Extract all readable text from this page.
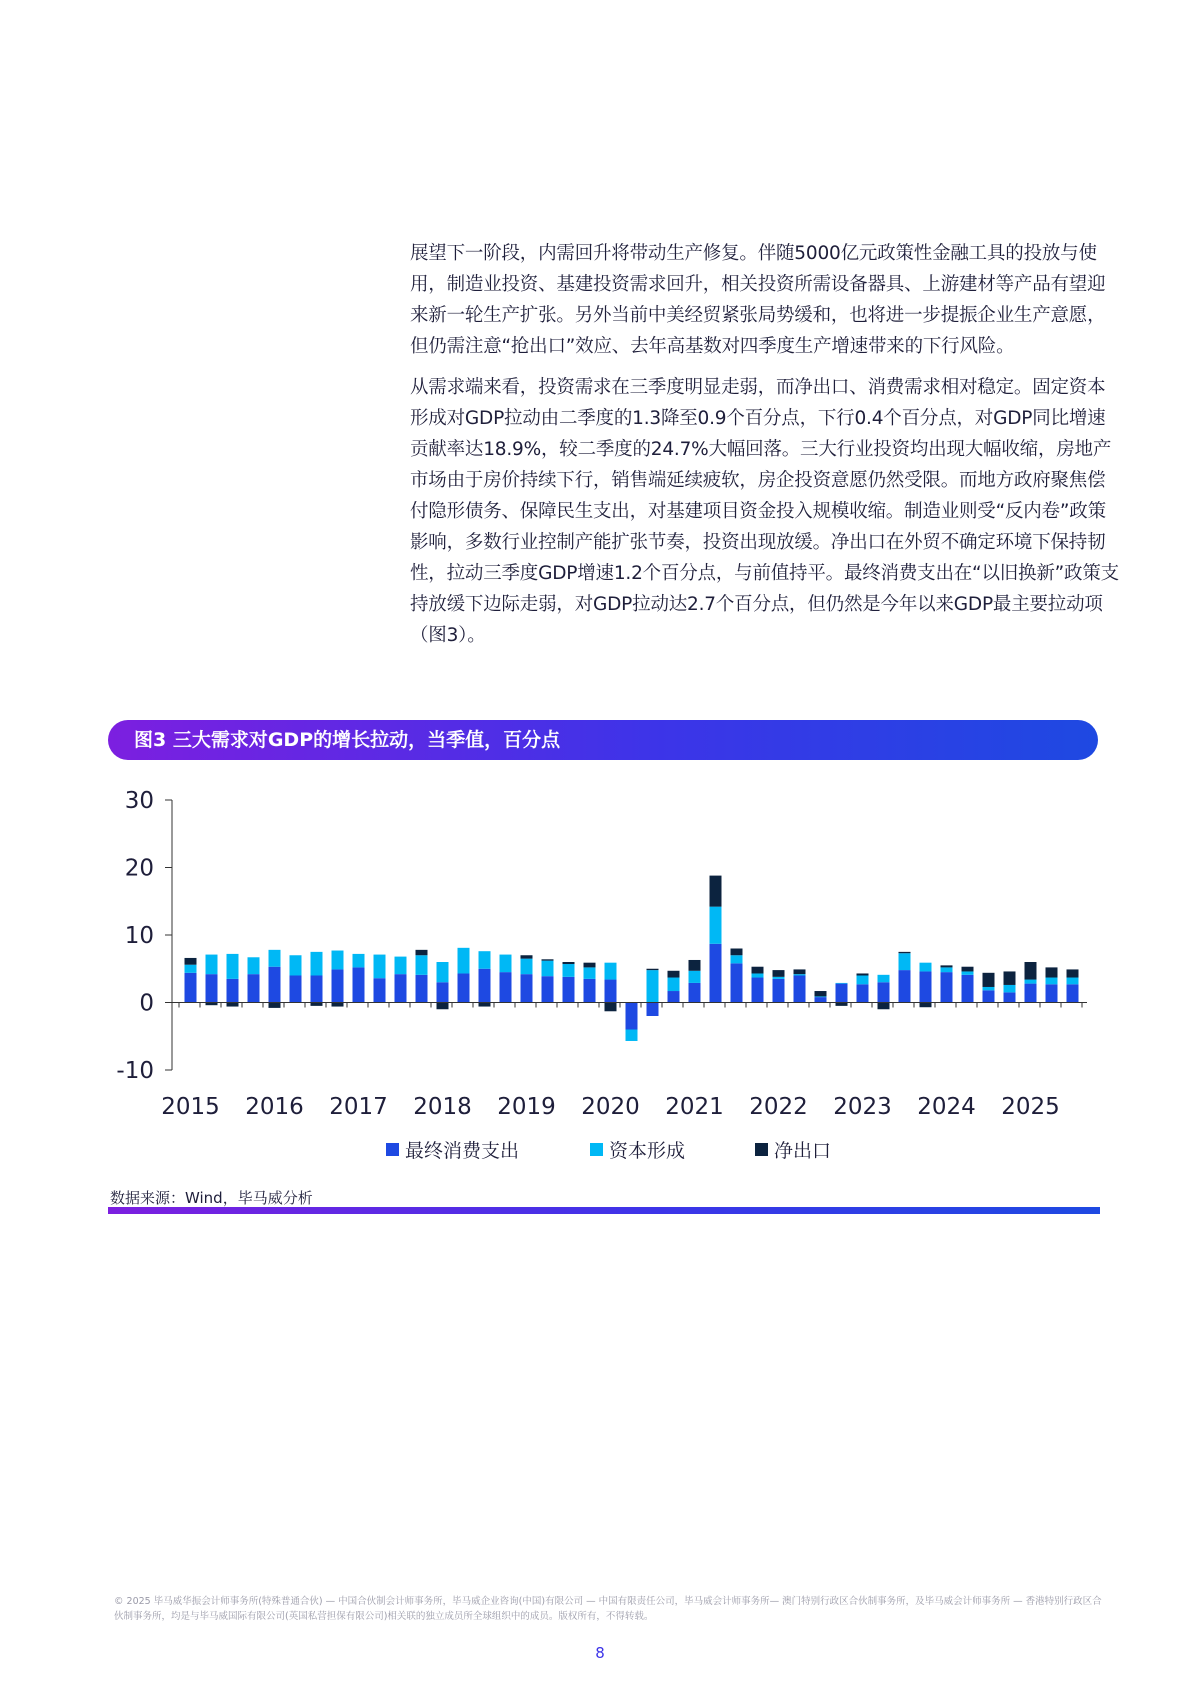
展望下一阶段，内需回升将带动生产修复。伴随5000亿元政策性金融工具的投放与使用，制造业投资、基建投资需求回升，相关投资所需设备器具、上游建材等产品有望迎来新一轮生产扩张。另外当前中美经贸紧张局势缓和，也将进一步提振企业生产意愿，但仍需注意“抢出口”效应、去年高基数对四季度生产增速带来的下行风险。

从需求端来看，投资需求在三季度明显走弱，而净出口、消费需求相对稳定。固定资本形成对GDP拉动由二季度的1.3降至0.9个百分点，下行0.4个百分点，对GDP同比增速贡献率达18.9%，较二季度的24.7%大幅回落。三大行业投资均出现大幅收缩，房地产市场由于房价持续下行，销售端延续疲软，房企投资意愿仍然受限。而地方政府聚焦偿付隐形债务、保障民生支出，对基建项目资金投入规模收缩。制造业则受“反内卷”政策影响，多数行业控制产能扩张节奏，投资出现放缓。净出口在外贸不确定环境下保持韧性，拉动三季度GDP增速1.2个百分点，与前值持平。最终消费支出在“以旧换新”政策支持放缓下边际走弱，对GDP拉动达2.7个百分点，但仍然是今年以来GDP最主要拉动项（图3）。

图3 三大需求对GDP的增长拉动，当季值，百分点
-10
0
10
20
30
2015 2016 2017 2018 2019 2020 2021 2022 2023 2024 2025
最终消费支出	资本形成	净出口
数据来源：Wind，毕马威分析
© 2025 毕马威华振会计师事务所(特殊普通合伙) — 中国合伙制会计师事务所，毕马威企业咨询(中国)有限公司 — 中国有限责任公司，毕马威会计师事务所— 澳门特别行政区合伙制事务所，及毕马威会计师事务所 — 香港特别行政区合伙制事务所，均是与毕马威国际有限公司(英国私营担保有限公司)相关联的独立成员所全球组织中的成员。版权所有，不得转载。
8
